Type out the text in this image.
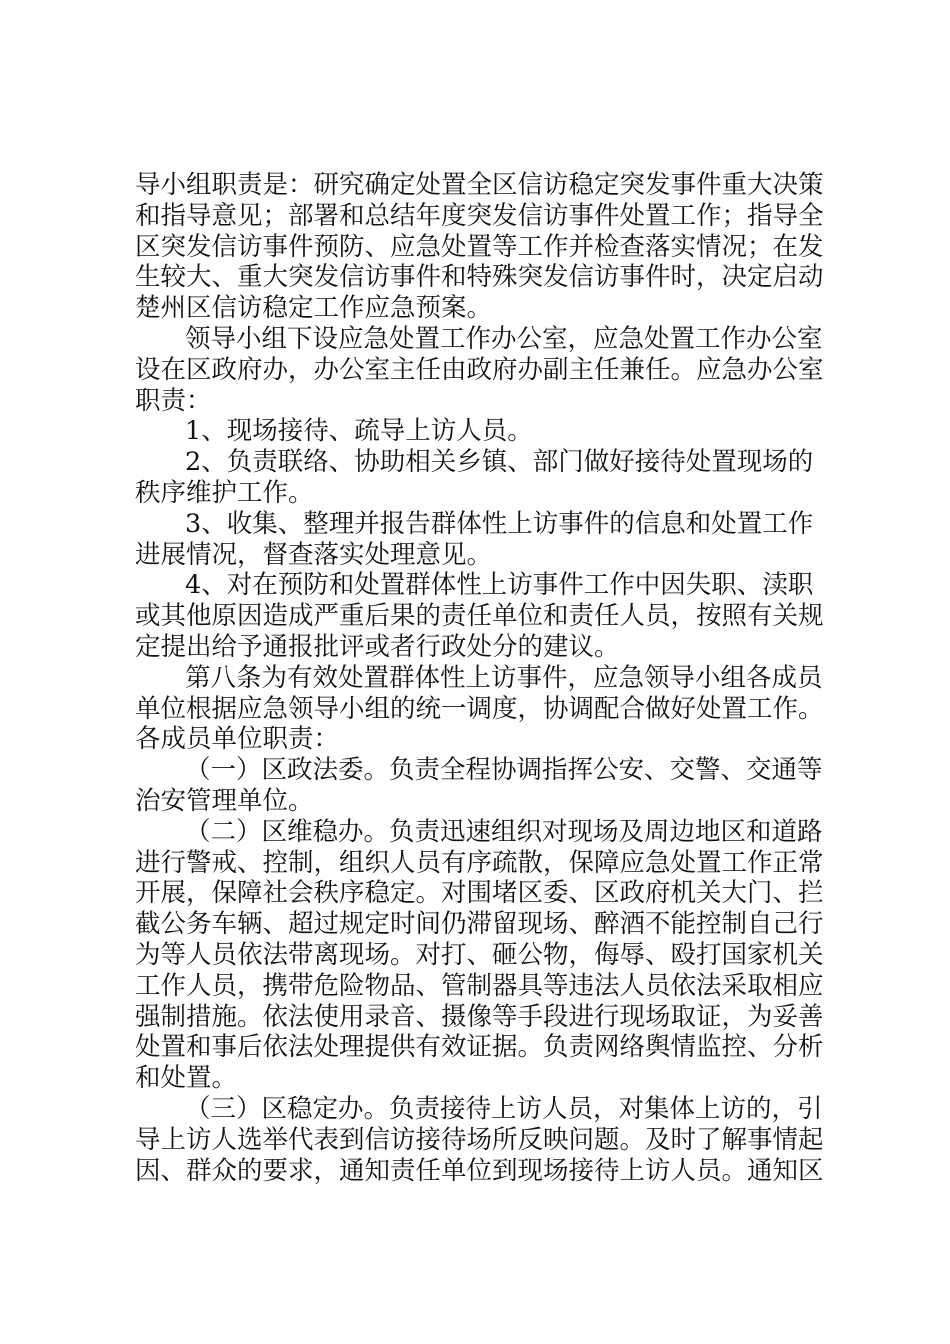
导小组职责是：研究确定处置全区信访稳定突发事件重大决策
和指导意见；部署和总结年度突发信访事件处置工作；指导全
区突发信访事件预防、应急处置等工作并检查落实情况；在发
生较大、重大突发信访事件和特殊突发信访事件时，决定启动
楚州区信访稳定工作应急预案。
领导小组下设应急处置工作办公室，应急处置工作办公室
设在区政府办，办公室主任由政府办副主任兼任。应急办公室
职责：
1、现场接待、疏导上访人员。
2、负责联络、协助相关乡镇、部门做好接待处置现场的
秩序维护工作。
3、收集、整理并报告群体性上访事件的信息和处置工作
进展情况，督查落实处理意见。
4、对在预防和处置群体性上访事件工作中因失职、渎职
或其他原因造成严重后果的责任单位和责任人员，按照有关规
定提出给予通报批评或者行政处分的建议。
第八条为有效处置群体性上访事件，应急领导小组各成员
单位根据应急领导小组的统一调度，协调配合做好处置工作。
各成员单位职责：
（一）区政法委。负责全程协调指挥公安、交警、交通等
治安管理单位。
（二）区维稳办。负责迅速组织对现场及周边地区和道路
进行警戒、控制，组织人员有序疏散，保障应急处置工作正常
开展，保障社会秩序稳定。对围堵区委、区政府机关大门、拦
截公务车辆、超过规定时间仍滞留现场、醉酒不能控制自己行
为等人员依法带离现场。对打、砸公物，侮辱、殴打国家机关
工作人员，携带危险物品、管制器具等违法人员依法采取相应
强制措施。依法使用录音、摄像等手段进行现场取证，为妥善
处置和事后依法处理提供有效证据。负责网络舆情监控、分析
和处置。
（三）区稳定办。负责接待上访人员，对集体上访的，引
导上访人选举代表到信访接待场所反映问题。及时了解事情起
因、群众的要求，通知责任单位到现场接待上访人员。通知区
